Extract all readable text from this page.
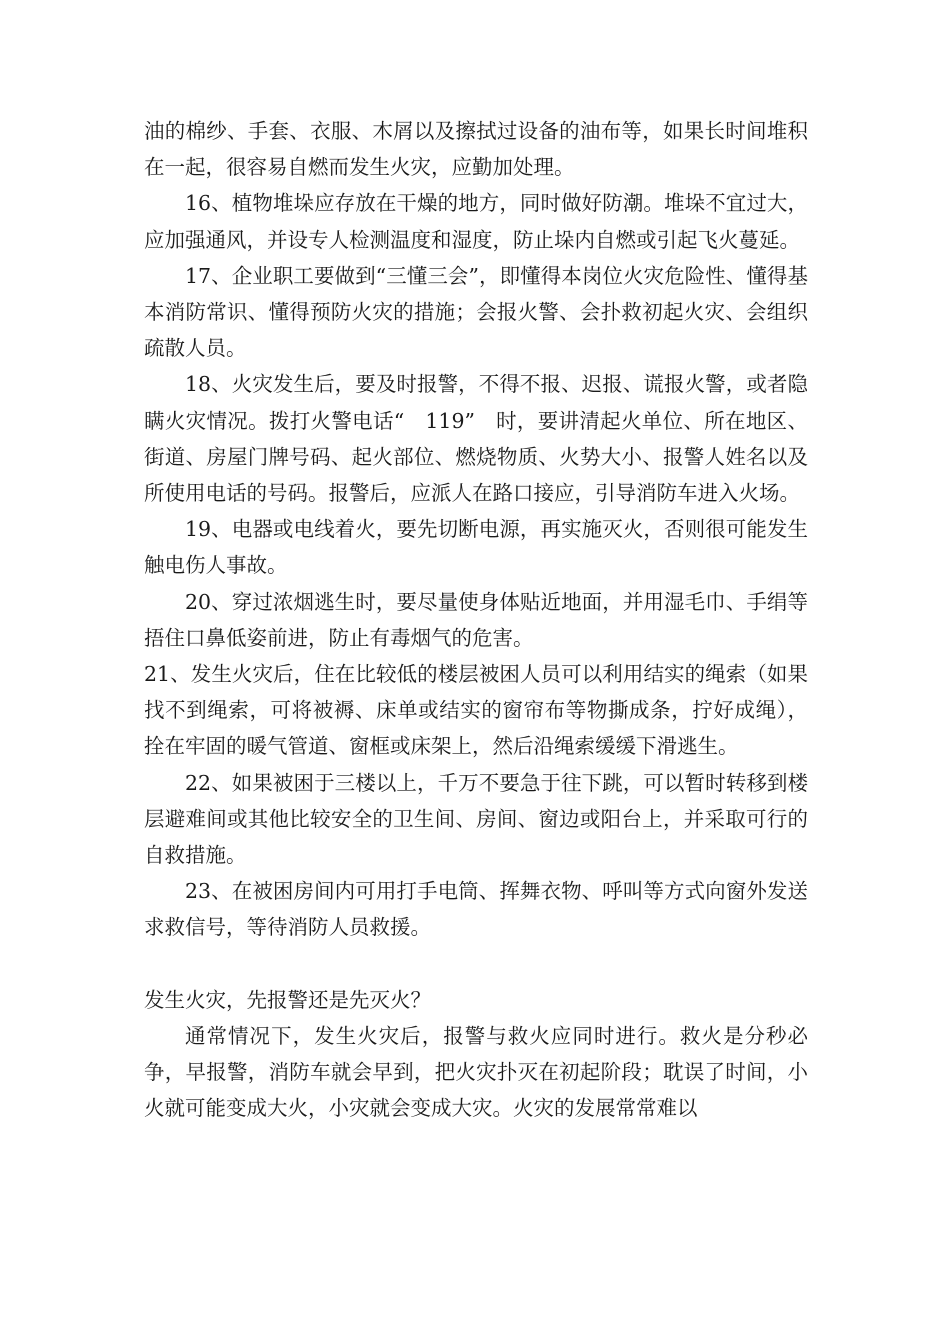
油的棉纱、手套、衣服、木屑以及擦拭过设备的油布等，如果长时间堆积在一起，很容易自燃而发生火灾，应勤加处理。

16、植物堆垛应存放在干燥的地方，同时做好防潮。堆垛不宜过大，应加强通风，并设专人检测温度和湿度，防止垛内自燃或引起飞火蔓延。

17、企业职工要做到“三懂三会”，即懂得本岗位火灾危险性、懂得基本消防常识、懂得预防火灾的措施；会报火警、会扑救初起火灾、会组织疏散人员。

18、火灾发生后，要及时报警，不得不报、迟报、谎报火警，或者隐瞒火灾情况。拨打火警电话“　119”　时，要讲清起火单位、所在地区、街道、房屋门牌号码、起火部位、燃烧物质、火势大小、报警人姓名以及所使用电话的号码。报警后，应派人在路口接应，引导消防车进入火场。

19、电器或电线着火，要先切断电源，再实施灭火，否则很可能发生触电伤人事故。

20、穿过浓烟逃生时，要尽量使身体贴近地面，并用湿毛巾、手绢等捂住口鼻低姿前进，防止有毒烟气的危害。

21、发生火灾后，住在比较低的楼层被困人员可以利用结实的绳索（如果找不到绳索，可将被褥、床单或结实的窗帘布等物撕成条，拧好成绳），拴在牢固的暖气管道、窗框或床架上，然后沿绳索缓缓下滑逃生。

22、如果被困于三楼以上，千万不要急于往下跳，可以暂时转移到楼层避难间或其他比较安全的卫生间、房间、窗边或阳台上，并采取可行的自救措施。

23、在被困房间内可用打手电筒、挥舞衣物、呼叫等方式向窗外发送求救信号，等待消防人员救援。

发生火灾，先报警还是先灭火？

通常情况下，发生火灾后，报警与救火应同时进行。救火是分秒必争，早报警，消防车就会早到，把火灾扑灭在初起阶段；耽误了时间，小火就可能变成大火，小灾就会变成大灾。火灾的发展常常难以
